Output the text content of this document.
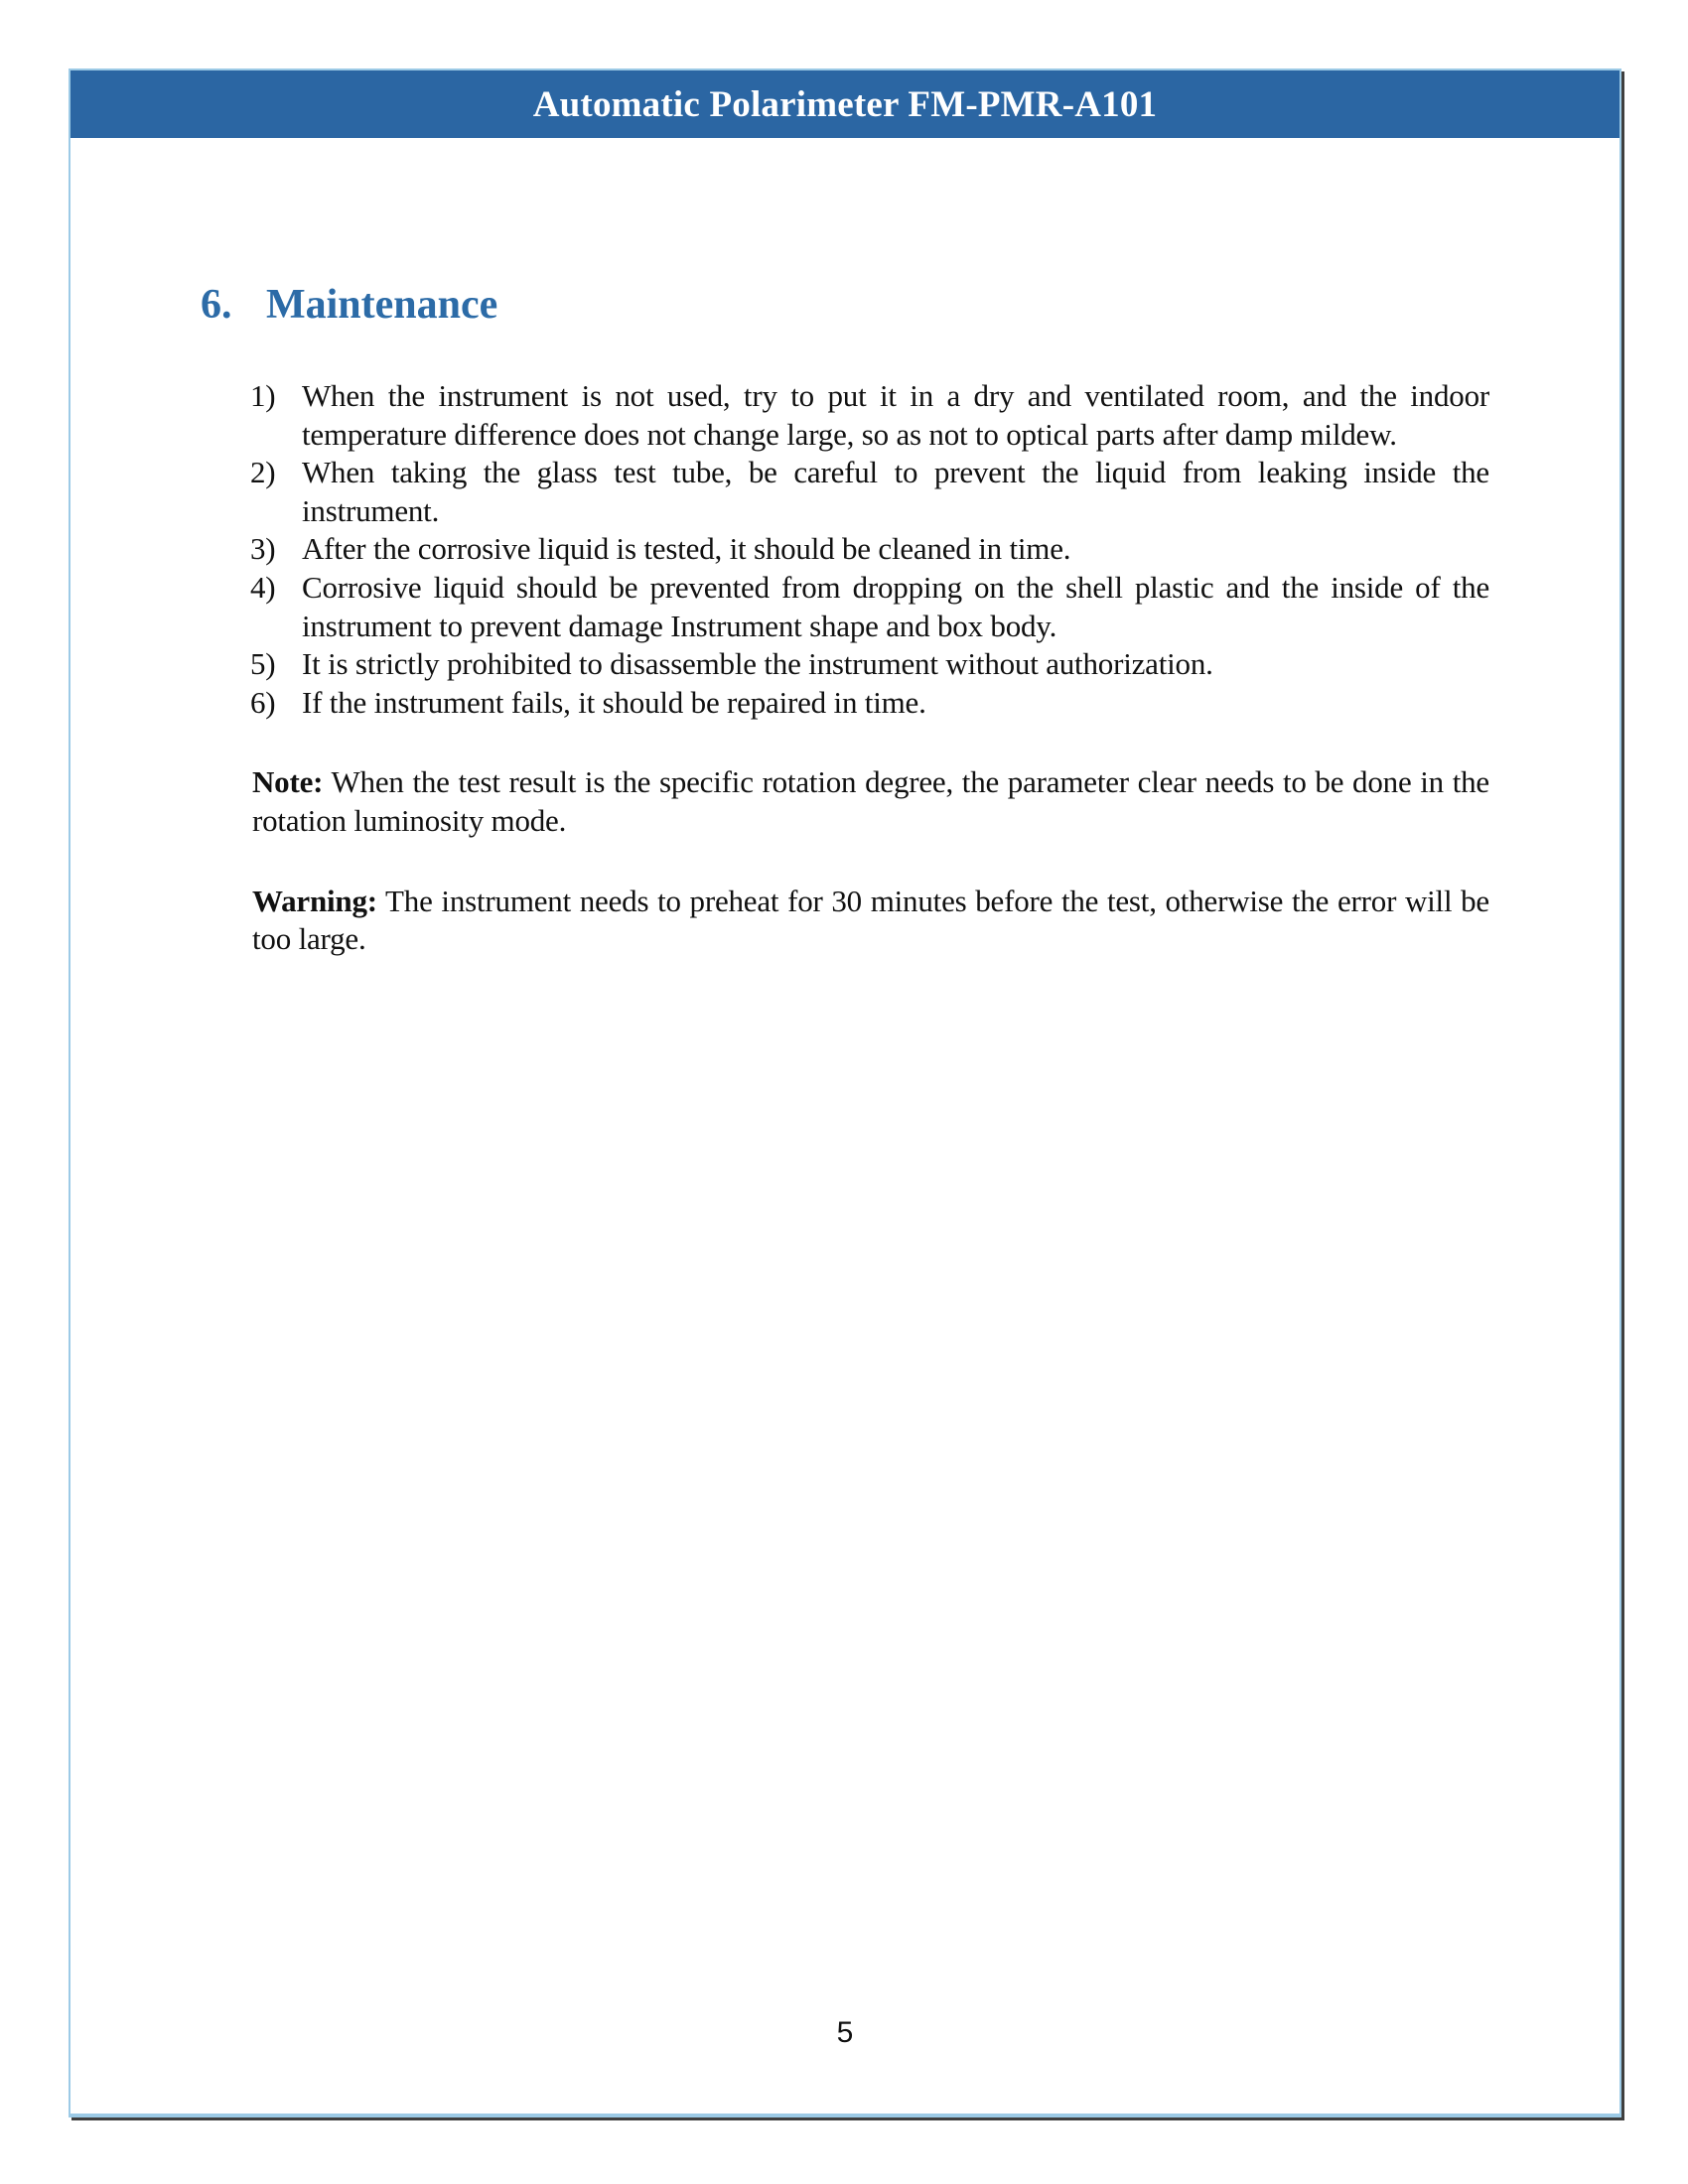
Automatic Polarimeter FM-PMR-A101
6. Maintenance
1) When the instrument is not used, try to put it in a dry and ventilated room, and the indoor temperature difference does not change large, so as not to optical parts after damp mildew.
2) When taking the glass test tube, be careful to prevent the liquid from leaking inside the instrument.
3) After the corrosive liquid is tested, it should be cleaned in time.
4) Corrosive liquid should be prevented from dropping on the shell plastic and the inside of the instrument to prevent damage Instrument shape and box body.
5) It is strictly prohibited to disassemble the instrument without authorization.
6) If the instrument fails, it should be repaired in time.

Note: When the test result is the specific rotation degree, the parameter clear needs to be done in the rotation luminosity mode.

Warning: The instrument needs to preheat for 30 minutes before the test, otherwise the error will be too large.

5
